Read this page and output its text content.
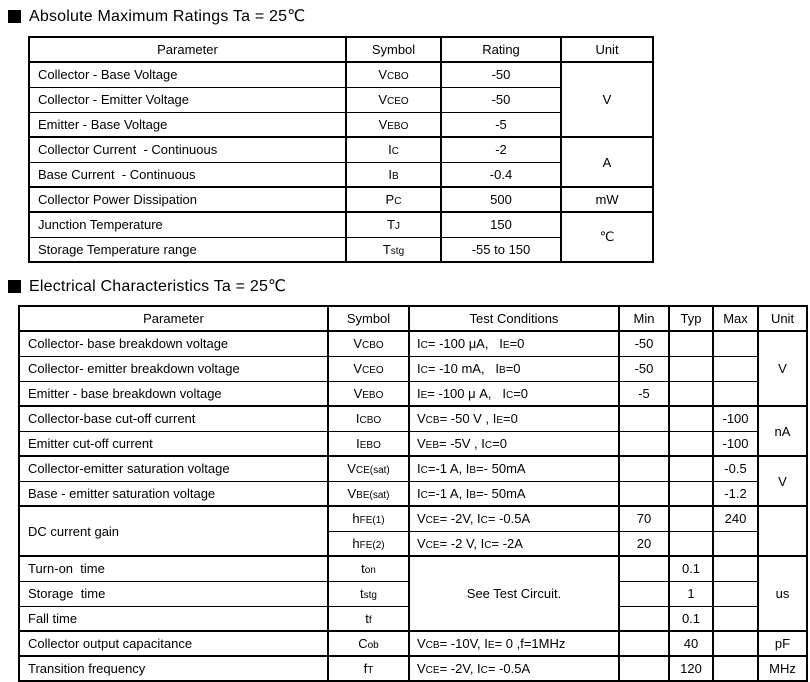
Absolute Maximum Ratings Ta = 25℃
Parameter	Symbol	Rating	Unit
Collector - Base Voltage	VCBO	-50	V
Collector - Emitter Voltage	VCEO	-50	
Emitter - Base Voltage	VEBO	-5	
Collector Current  - Continuous	IC	-2	A
Base Current  - Continuous	IB	-0.4	
Collector Power Dissipation	PC	500	mW
Junction Temperature	TJ	150	℃
Storage Temperature range	Tstg	-55 to 150	
Electrical Characteristics Ta = 25℃
Parameter	Symbol	Test Conditions	Min	Typ	Max	Unit
Collector- base breakdown voltage	VCBO	IC= -100 μA,   IE=0	-50			V
Collector- emitter breakdown voltage	VCEO	IC= -10 mA,   IB=0	-50			
Emitter - base breakdown voltage	VEBO	IE= -100 μ A,   IC=0	-5			
Collector-base cut-off current	ICBO	VCB= -50 V , IE=0			-100	nA
Emitter cut-off current	IEBO	VEB= -5V , IC=0			-100	
Collector-emitter saturation voltage	VCE(sat)	IC=-1 A, IB=- 50mA			-0.5	V
Base - emitter saturation voltage	VBE(sat)	IC=-1 A, IB=- 50mA			-1.2	
DC current gain	hFE(1)	VCE= -2V, IC= -0.5A	70		240	
	hFE(2)	VCE= -2 V, IC= -2A	20			
Turn-on  time	ton	See Test Circuit.		0.1		us
Storage  time	tstg			1		
Fall time	tf			0.1		
Collector output capacitance	Cob	VCB= -10V, IE= 0 ,f=1MHz		40		pF
Transition frequency	fT	VCE= -2V, IC= -0.5A		120		MHz
